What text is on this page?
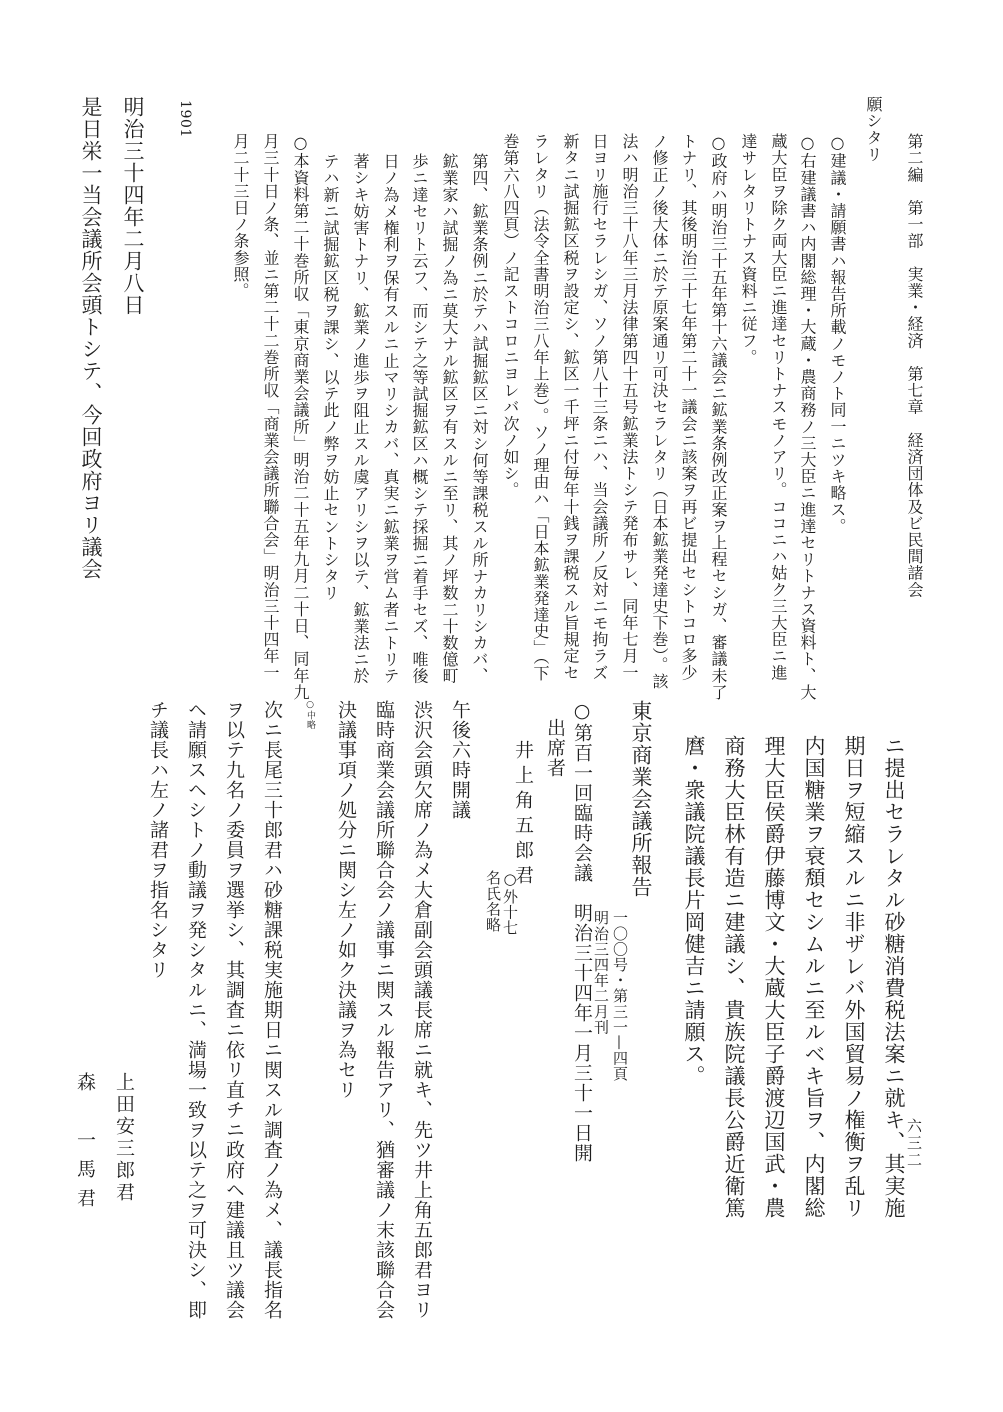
第二編　第一部　実業・経済　第七章　経済団体及ビ民間諸会
六三二
願シタリ
○建議・請願書ハ報告所載ノモノト同一ニツキ略ス。
○右建議書ハ内閣総理・大蔵・農商務ノ三大臣ニ進達セリトナス資料ト、大
蔵大臣ヲ除ク両大臣ニ進達セリトナスモノアリ。ココニハ姑ク三大臣ニ進
達サレタリトナス資料ニ従フ。
○政府ハ明治三十五年第十六議会ニ鉱業条例改正案ヲ上程セシガ、審議未了
トナリ、其後明治三十七年第二十一議会ニ該案ヲ再ビ提出セシトコロ多少
ノ修正ノ後大体ニ於テ原案通リ可決セラレタリ（日本鉱業発達史下巻）。該
法ハ明治三十八年三月法律第四十五号鉱業法トシテ発布サレ、同年七月一
日ヨリ施行セラレシガ、ソノ第八十三条ニハ、当会議所ノ反対ニモ拘ラズ
新タニ試掘鉱区税ヲ設定シ、鉱区一千坪ニ付毎年十銭ヲ課税スル旨規定セ
ラレタリ（法令全書明治三八年上巻）。ソノ理由ハ「日本鉱業発達史」（下
巻第六八四頁）ノ記ストコロニヨレバ次ノ如シ。
第四、鉱業条例ニ於テハ試掘鉱区ニ対シ何等課税スル所ナカリシカバ、
鉱業家ハ試掘ノ為ニ莫大ナル鉱区ヲ有スルニ至リ、其ノ坪数二十数億町
歩ニ達セリト云フ、而シテ之等試掘鉱区ハ概シテ採掘ニ着手セズ、唯後
日ノ為メ権利ヲ保有スルニ止マリシカバ、真実ニ鉱業ヲ営ム者ニトリテ
著シキ妨害トナリ、鉱業ノ進歩ヲ阻止スル虞アリシヲ以テ、鉱業法ニ於
テハ新ニ試掘鉱区税ヲ課シ、以テ此ノ弊ヲ妨止セントシタリ
○本資料第二十巻所収「東京商業会議所」明治二十五年九月二十日、同年九
月三十日ノ条、並ニ第二十二巻所収「商業会議所聯合会」明治三十四年一
月二十三日ノ条参照。
1901
明治三十四年二月八日
是日栄一当会議所会頭トシテ、今回政府ヨリ議会
ニ提出セラレタル砂糖消費税法案ニ就キ、其実施
期日ヲ短縮スルニ非ザレバ外国貿易ノ権衡ヲ乱リ
内国糖業ヲ衰頽セシムルニ至ルベキ旨ヲ、内閣総
理大臣侯爵伊藤博文・大蔵大臣子爵渡辺国武・農
商務大臣林有造ニ建議シ、貴族院議長公爵近衛篤
麿・衆議院議長片岡健吉ニ請願ス。
東京商業会議所報告
一〇〇号・第三一—四頁
明治三四年二月刊
○第百一回臨時会議　明治三十四年一月三十一日開
出席者
井上角五郎君
○外十七
名氏名略
午後六時開議
渋沢会頭欠席ノ為メ大倉副会頭議長席ニ就キ、先ツ井上角五郎君ヨリ
臨時商業会議所聯合会ノ議事ニ関スル報告アリ、猶審議ノ末該聯合会
決議事項ノ処分ニ関シ左ノ如ク決議ヲ為セリ
○中略
次ニ長尾三十郎君ハ砂糖課税実施期日ニ関スル調査ノ為メ、議長指名
ヲ以テ九名ノ委員ヲ選挙シ、其調査ニ依リ直チニ政府ヘ建議且ツ議会
ヘ請願スヘシトノ動議ヲ発シタルニ、満場一致ヲ以テ之ヲ可決シ、即
チ議長ハ左ノ諸君ヲ指名シタリ
上田安三郎君
森　一馬君
